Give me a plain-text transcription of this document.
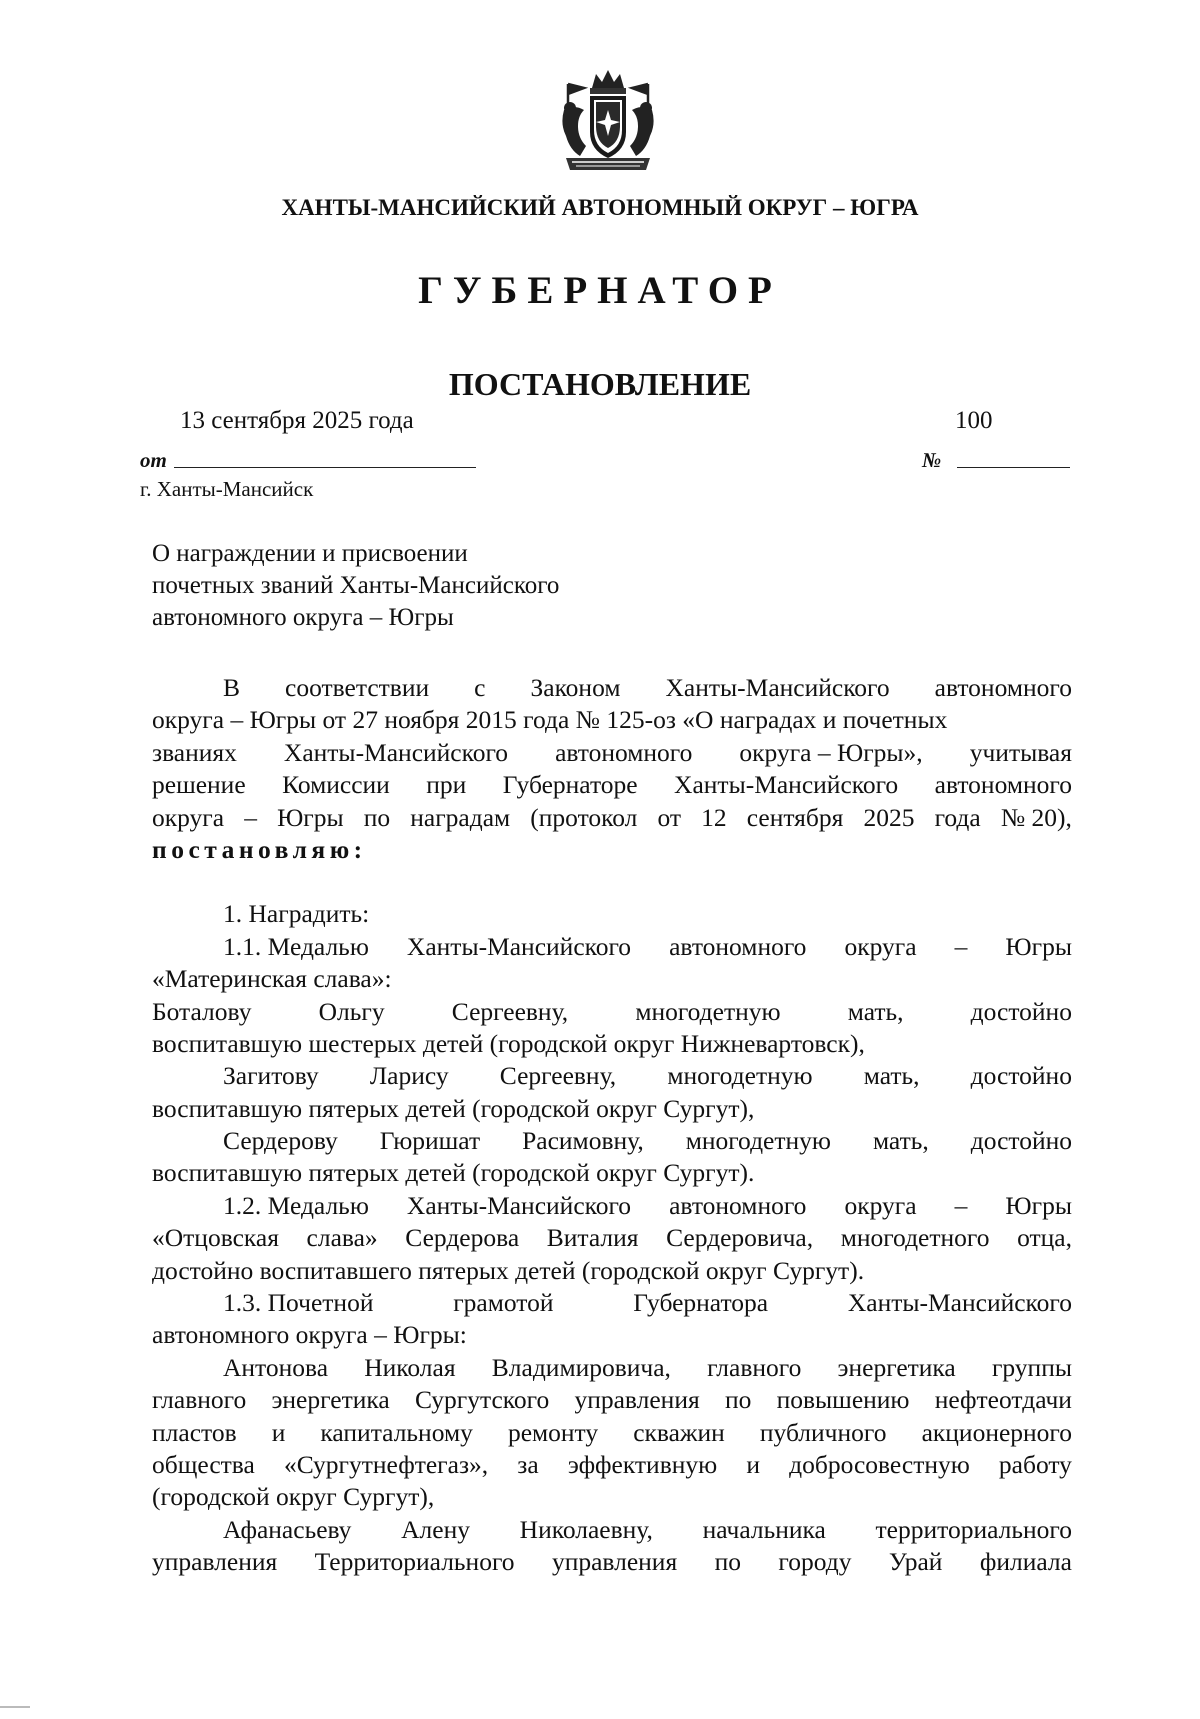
ХАНТЫ-МАНСИЙСКИЙ АВТОНОМНЫЙ ОКРУГ – ЮГРА
ГУБЕРНАТОР
ПОСТАНОВЛЕНИЕ
13 сентября 2025 года	100
от	№
г. Ханты-Мансийск
О награждении и присвоении
почетных званий Ханты-Мансийского
автономного округа – Югры
В соответствии с Законом Ханты-Мансийского автономного
округа – Югры от 27 ноября 2015 года № 125-оз «О наградах и почетных
званиях Ханты-Мансийского автономного округа – Югры», учитывая
решение Комиссии при Губернаторе Ханты-Мансийского автономного
округа – Югры по наградам (протокол от 12 сентября 2025 года № 20),
постановляю:
1. Наградить:
1.1. Медалью Ханты-Мансийского автономного округа – Югры
«Материнская слава»:
Боталову	Ольгу	Сергеевну,	многодетную	мать,	достойно
воспитавшую шестерых детей (городской округ Нижневартовск),
Загитову Ларису Сергеевну, многодетную мать, достойно
воспитавшую пятерых детей (городской округ Сургут),
Сердерову Гюришат Расимовну, многодетную мать, достойно
воспитавшую пятерых детей (городской округ Сургут).
1.2. Медалью Ханты-Мансийского автономного округа – Югры
«Отцовская слава» Сердерова Виталия Сердеровича, многодетного отца,
достойно воспитавшего пятерых детей (городской округ Сургут).
1.3. Почетной	грамотой	Губернатора	Ханты-Мансийского
автономного округа – Югры:
Антонова Николая Владимировича, главного энергетика группы
главного энергетика Сургутского управления по повышению нефтеотдачи
пластов и капитальному ремонту скважин публичного акционерного
общества «Сургутнефтегаз», за эффективную и добросовестную работу
(городской округ Сургут),
Афанасьеву Алену Николаевну, начальника территориального
управления Территориального управления по городу Урай филиала
